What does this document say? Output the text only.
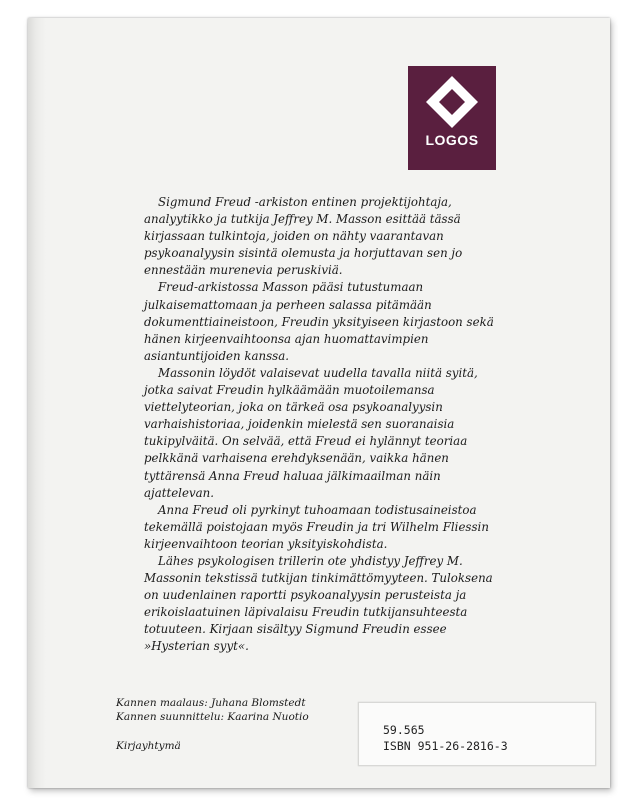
LOGOS

Sigmund Freud -arkiston entinen projektijohtaja, analyytikko ja tutkija Jeffrey M. Masson esittää tässä kirjassaan tulkintoja, joiden on nähty vaarantavan psykoanalyysin sisintä olemusta ja horjuttavan sen jo ennestään murenevia peruskiviä.

Freud-arkistossa Masson pääsi tutustumaan julkaisemattomaan ja perheen salassa pitämään dokumenttiaineistoon, Freudin yksityiseen kirjastoon sekä hänen kirjeenvaihtoonsa ajan huomattavimpien asiantuntijoiden kanssa.

Massonin löydöt valaisevat uudella tavalla niitä syitä, jotka saivat Freudin hylkäämään muotoilemansa viettelyteorian, joka on tärkeä osa psykoanalyysin varhaishistoriaa, joidenkin mielestä sen suoranaisia tukipylväitä. On selvää, että Freud ei hylännyt teoriaa pelkkänä varhaisena erehdyksenään, vaikka hänen tyttärensä Anna Freud haluaa jälkimaailman näin ajattelevan.

Anna Freud oli pyrkinyt tuhoamaan todistusaineistoa tekemällä poistojaan myös Freudin ja tri Wilhelm Fliessin kirjeenvaihtoon teorian yksityiskohdista.

Lähes psykologisen trillerin ote yhdistyy Jeffrey M. Massonin tekstissä tutkijan tinkimättömyyteen. Tuloksena on uudenlainen raportti psykoanalyysin perusteista ja erikoislaatuinen läpivalaisu Freudin tutkijansuhteesta totuuteen. Kirjaan sisältyy Sigmund Freudin essee »Hysterian syyt«.

Kannen maalaus: Juhana Blomstedt
Kannen suunnittelu: Kaarina Nuotio
Kirjayhtymä
59.565
ISBN 951-26-2816-3
